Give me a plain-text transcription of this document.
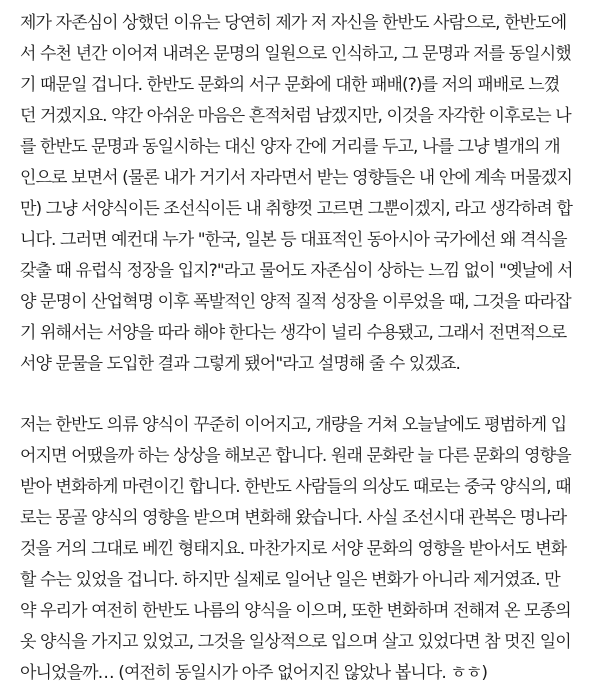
제가 자존심이 상했던 이유는 당연히 제가 저 자신을 한반도 사람으로, 한반도에
서 수천 년간 이어져 내려온 문명의 일원으로 인식하고, 그 문명과 저를 동일시했
기 때문일 겁니다. 한반도 문화의 서구 문화에 대한 패배(?)를 저의 패배로 느꼈
던 거겠지요. 약간 아쉬운 마음은 흔적처럼 남겠지만, 이것을 자각한 이후로는 나
를 한반도 문명과 동일시하는 대신 양자 간에 거리를 두고, 나를 그냥 별개의 개
인으로 보면서 (물론 내가 거기서 자라면서 받는 영향들은 내 안에 계속 머물겠지
만) 그냥 서양식이든 조선식이든 내 취향껏 고르면 그뿐이겠지, 라고 생각하려 합
니다. 그러면 예컨대 누가 "한국, 일본 등 대표적인 동아시아 국가에선 왜 격식을
갖출 때 유럽식 정장을 입지?"라고 물어도 자존심이 상하는 느낌 없이 "옛날에 서
양 문명이 산업혁명 이후 폭발적인 양적 질적 성장을 이루었을 때, 그것을 따라잡
기 위해서는 서양을 따라 해야 한다는 생각이 널리 수용됐고, 그래서 전면적으로
서양 문물을 도입한 결과 그렇게 됐어"라고 설명해 줄 수 있겠죠.

저는 한반도 의류 양식이 꾸준히 이어지고, 개량을 거쳐 오늘날에도 평범하게 입
어지면 어땠을까 하는 상상을 해보곤 합니다. 원래 문화란 늘 다른 문화의 영향을
받아 변화하게 마련이긴 합니다. 한반도 사람들의 의상도 때로는 중국 양식의, 때
로는 몽골 양식의 영향을 받으며 변화해 왔습니다. 사실 조선시대 관복은 명나라
것을 거의 그대로 베낀 형태지요. 마찬가지로 서양 문화의 영향을 받아서도 변화
할 수는 있었을 겁니다. 하지만 실제로 일어난 일은 변화가 아니라 제거였죠. 만
약 우리가 여전히 한반도 나름의 양식을 이으며, 또한 변화하며 전해져 온 모종의
옷 양식을 가지고 있었고, 그것을 일상적으로 입으며 살고 있었다면 참 멋진 일이
아니었을까… (여전히 동일시가 아주 없어지진 않았나 봅니다. ㅎㅎ)
